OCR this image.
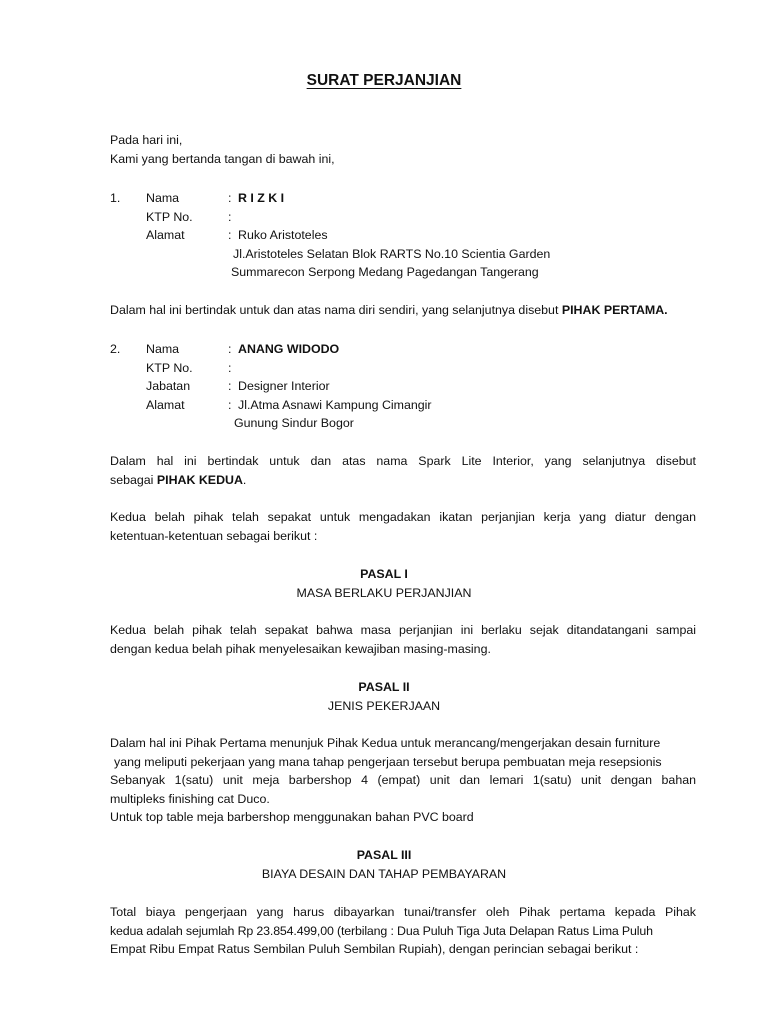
SURAT PERJANJIAN
Pada hari ini,
Kami yang bertanda tangan di bawah ini,
1. Nama	: R I Z K I
KTP No.	:
Alamat	: Ruko Aristoteles
Jl.Aristoteles Selatan Blok RARTS No.10 Scientia Garden
Summarecon Serpong Medang Pagedangan Tangerang
Dalam hal ini bertindak untuk dan atas nama diri sendiri, yang selanjutnya disebut PIHAK PERTAMA.
2. Nama	: ANANG WIDODO
KTP No.	:
Jabatan	: Designer Interior
Alamat	: Jl.Atma Asnawi Kampung Cimangir
Gunung Sindur Bogor
Dalam hal ini bertindak untuk dan atas nama Spark Lite Interior, yang selanjutnya disebut
sebagai PIHAK KEDUA.
Kedua belah pihak telah sepakat untuk mengadakan ikatan perjanjian kerja yang diatur dengan
ketentuan-ketentuan sebagai berikut :
PASAL I
MASA BERLAKU PERJANJIAN
Kedua belah pihak telah sepakat bahwa masa perjanjian ini berlaku sejak ditandatangani sampai
dengan kedua belah pihak menyelesaikan kewajiban masing-masing.
PASAL II
JENIS PEKERJAAN
Dalam hal ini Pihak Pertama menunjuk Pihak Kedua untuk merancang/mengerjakan desain furniture
yang meliputi pekerjaan yang mana tahap pengerjaan tersebut berupa pembuatan meja resepsionis
Sebanyak 1(satu) unit meja barbershop 4 (empat) unit dan lemari 1(satu) unit dengan bahan
multipleks finishing cat Duco.
Untuk top table meja barbershop menggunakan bahan PVC board
PASAL III
BIAYA DESAIN DAN TAHAP PEMBAYARAN
Total biaya pengerjaan yang harus dibayarkan tunai/transfer oleh Pihak pertama kepada Pihak
kedua adalah sejumlah Rp 23.854.499,00 (terbilang : Dua Puluh Tiga Juta Delapan Ratus Lima Puluh
Empat Ribu Empat Ratus Sembilan Puluh Sembilan Rupiah), dengan perincian sebagai berikut :
